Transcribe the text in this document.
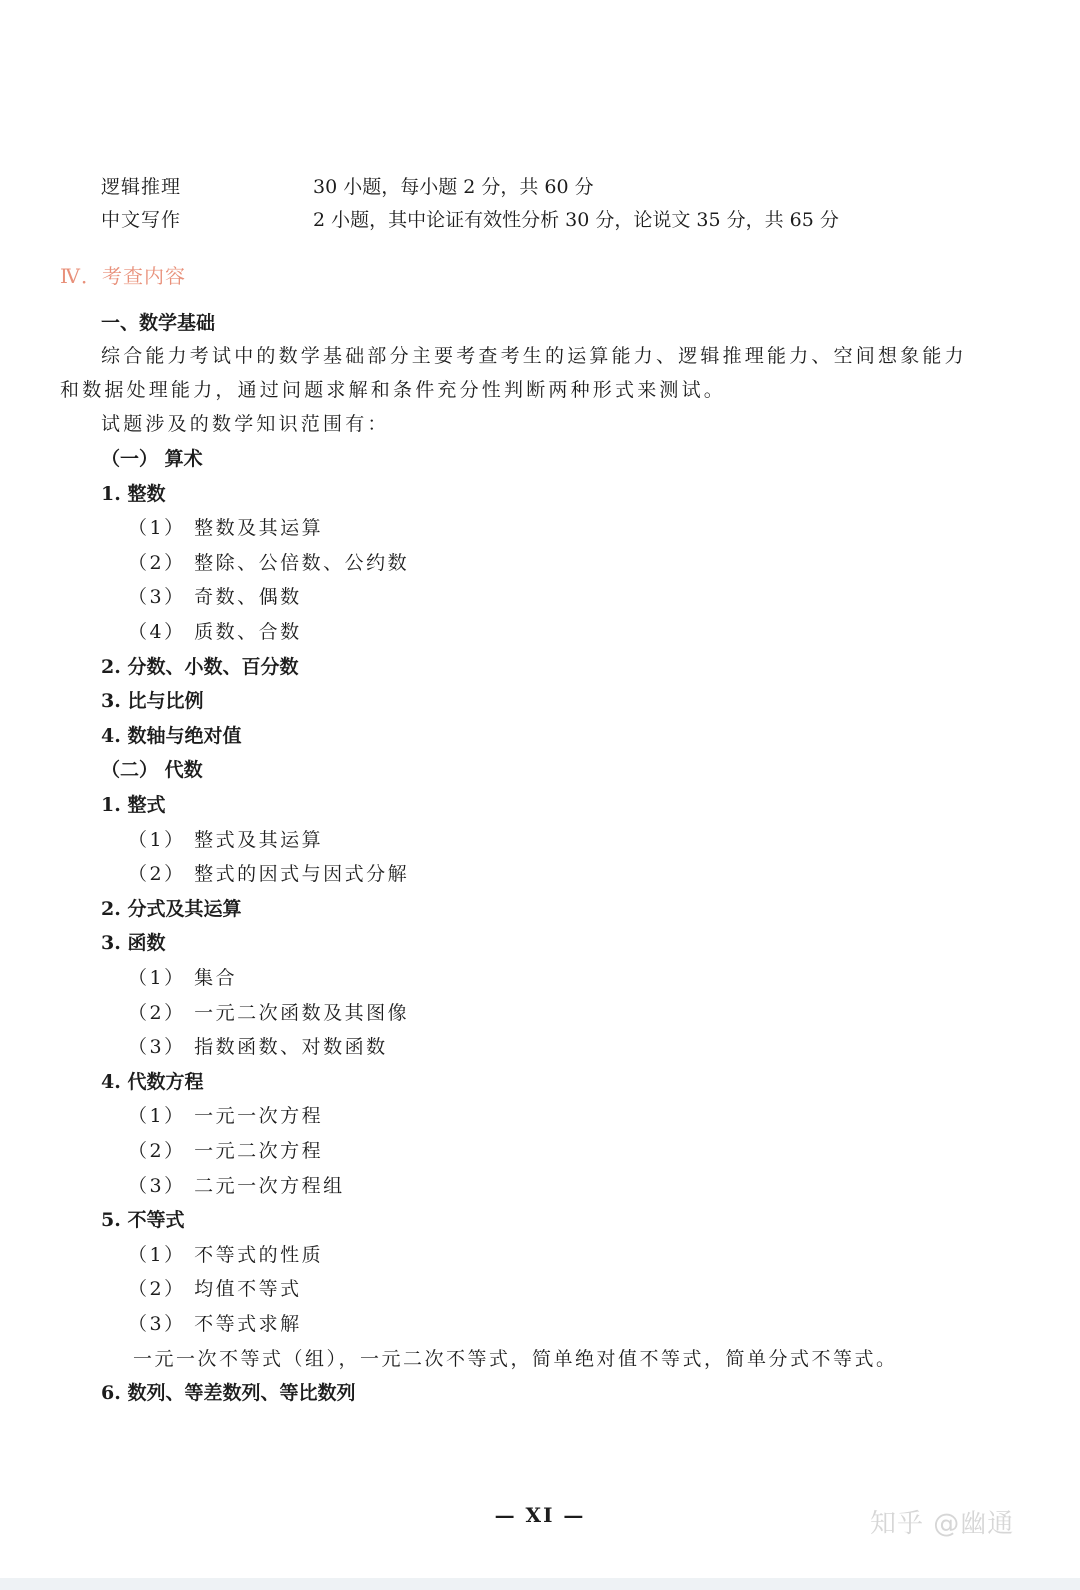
逻辑推理	30 小题，每小题 2 分，共 60 分
中文写作	2 小题，其中论证有效性分析 30 分，论说文 35 分，共 65 分
Ⅳ．考查内容
一、数学基础
综合能力考试中的数学基础部分主要考查考生的运算能力、逻辑推理能力、空间想象能力
和数据处理能力，通过问题求解和条件充分性判断两种形式来测试。
试题涉及的数学知识范围有：
（一） 算术
1. 整数
（1） 整数及其运算
（2） 整除、公倍数、公约数
（3） 奇数、偶数
（4） 质数、合数
2. 分数、小数、百分数
3. 比与比例
4. 数轴与绝对值
（二） 代数
1. 整式
（1） 整式及其运算
（2） 整式的因式与因式分解
2. 分式及其运算
3. 函数
（1） 集合
（2） 一元二次函数及其图像
（3） 指数函数、对数函数
4. 代数方程
（1） 一元一次方程
（2） 一元二次方程
（3） 二元一次方程组
5. 不等式
（1） 不等式的性质
（2） 均值不等式
（3） 不等式求解
一元一次不等式（组），一元二次不等式，简单绝对值不等式，简单分式不等式。
6. 数列、等差数列、等比数列
— XI —	知乎 @幽通
